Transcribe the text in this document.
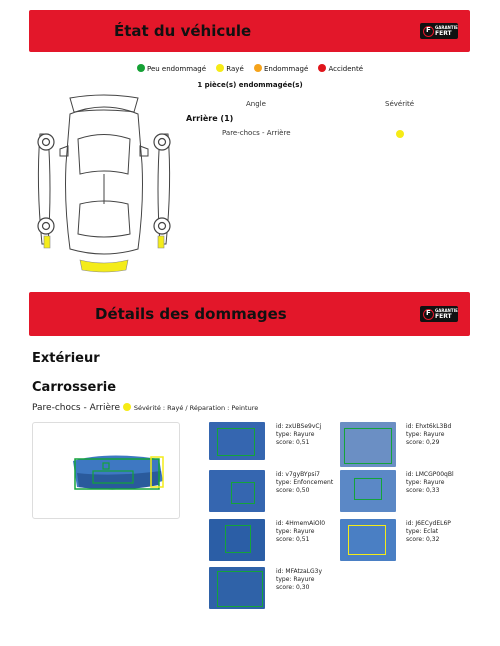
État du véhicule	F GARANTIE
FERT
Peu endommagé	Rayé	Endommagé	Accidenté
1 pièce(s) endommagée(s)
Angle	Sévérité
Arrière (1)
Pare-chocs - Arrière
Détails des dommages	F GARANTIE
FERT
Extérieur
Carrosserie
Pare-chocs - Arrière Sévérité : Rayé / Réparation : Peinture
id: zxUBSe9vCj
type: Rayure
score: 0,51
id: Ehxt6kL3Bd
type: Rayure
score: 0,29
id: v7gyBYpsi7
type: Enfoncement
score: 0,50
id: LMCGP00qBl
type: Rayure
score: 0,33
id: 4HmemAiOl0
type: Rayure
score: 0,51
id: J6ECydEL6P
type: Eclat
score: 0,32
id: MFAtzaLG3y
type: Rayure
score: 0,30
